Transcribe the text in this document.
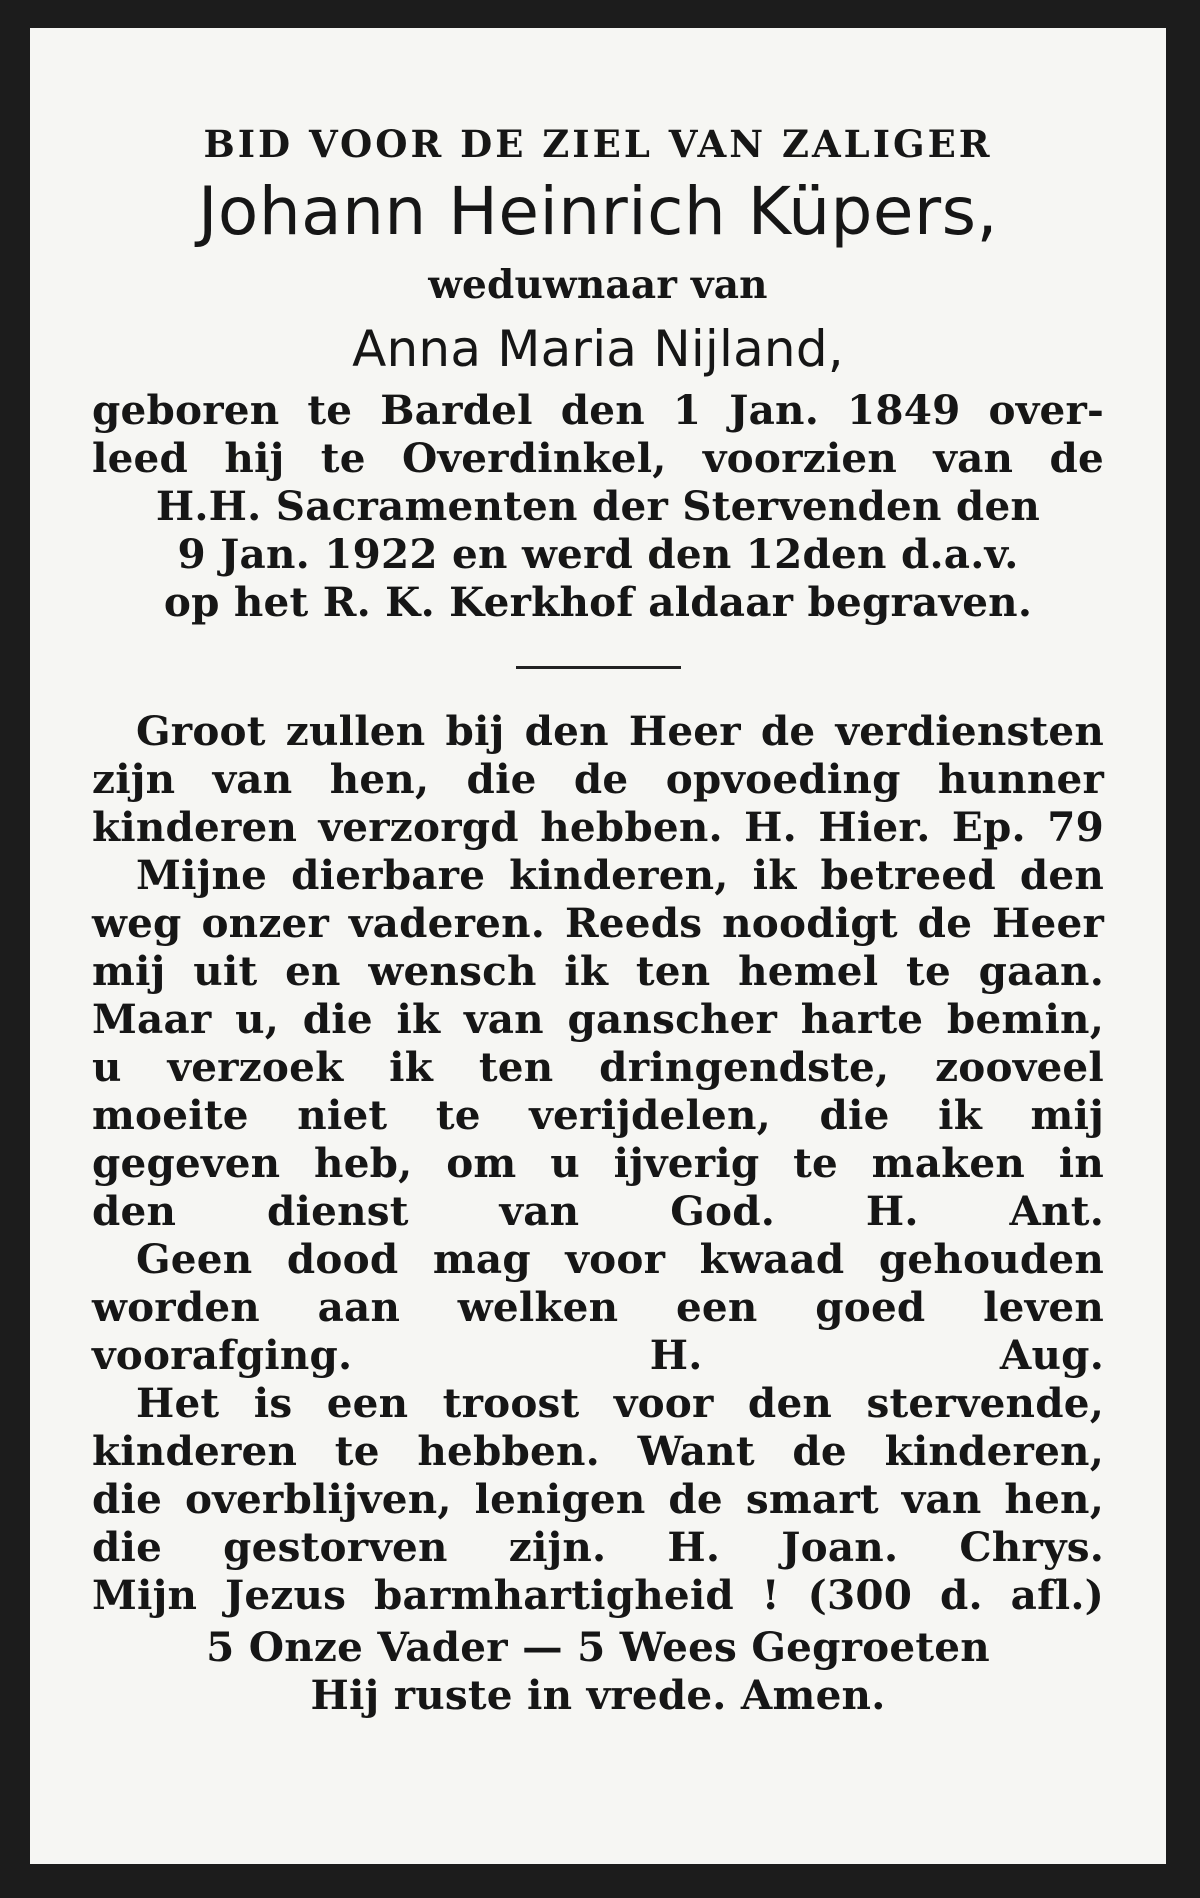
BID VOOR DE ZIEL VAN ZALIGER
Johann Heinrich Küpers,
weduwnaar van
Anna Maria Nijland,
geboren te Bardel den 1 Jan. 1849 over-
leed hij te Overdinkel, voorzien van de
H.H. Sacramenten der Stervenden den
9 Jan. 1922 en werd den 12den d.a.v.
op het R. K. Kerkhof aldaar begraven.
Groot zullen bij den Heer de verdiensten
zijn van hen, die de opvoeding hunner
kinderen verzorgd hebben. H. Hier. Ep. 79
Mijne dierbare kinderen, ik betreed den
weg onzer vaderen. Reeds noodigt de Heer
mij uit en wensch ik ten hemel te gaan.
Maar u, die ik van ganscher harte bemin,
u verzoek ik ten dringendste, zooveel
moeite niet te verijdelen, die ik mij
gegeven heb, om u ijverig te maken in
den dienst van God. H. Ant.
Geen dood mag voor kwaad gehouden
worden aan welken een goed leven
voorafging. H. Aug.
Het is een troost voor den stervende,
kinderen te hebben. Want de kinderen,
die overblijven, lenigen de smart van hen,
die gestorven zijn. H. Joan. Chrys.
Mijn Jezus barmhartigheid ! (300 d. afl.)
5 Onze Vader — 5 Wees Gegroeten
Hij ruste in vrede. Amen.
